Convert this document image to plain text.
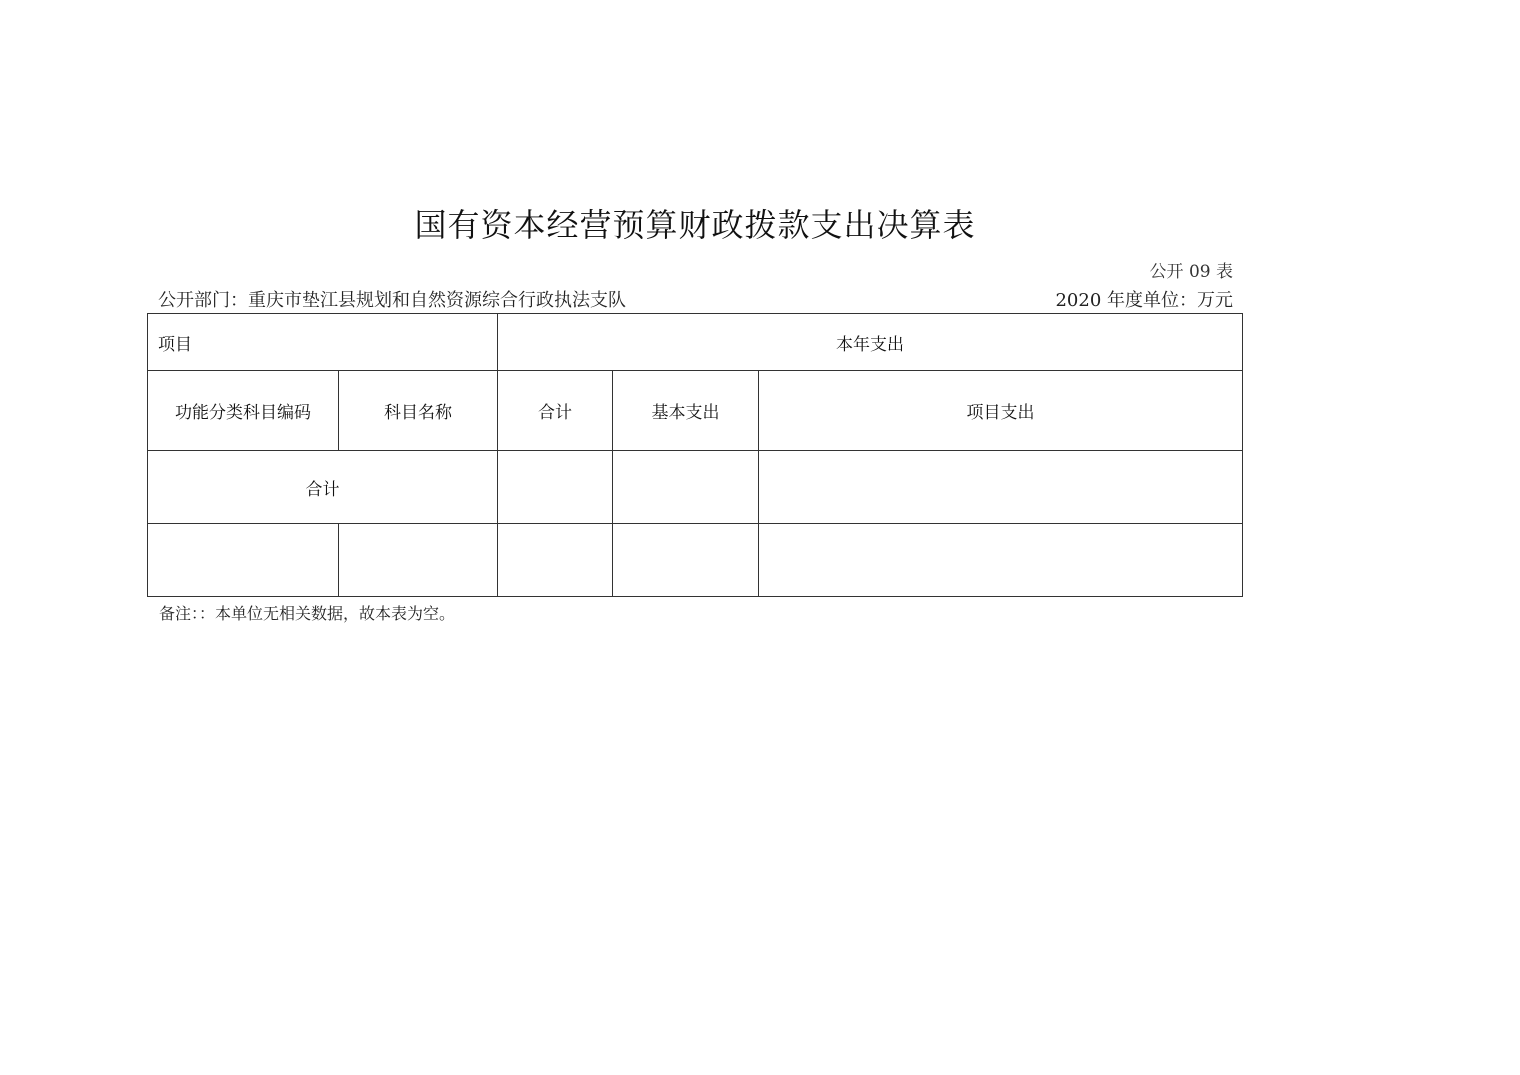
国有资本经营预算财政拨款支出决算表
公开 09 表
公开部门：重庆市垫江县规划和自然资源综合行政执法支队	2020 年度单位：万元
项目		本年支出		
功能分类科目编码	科目名称	合计	基本支出	项目支出
合计				

备注：：本单位无相关数据，故本表为空。
